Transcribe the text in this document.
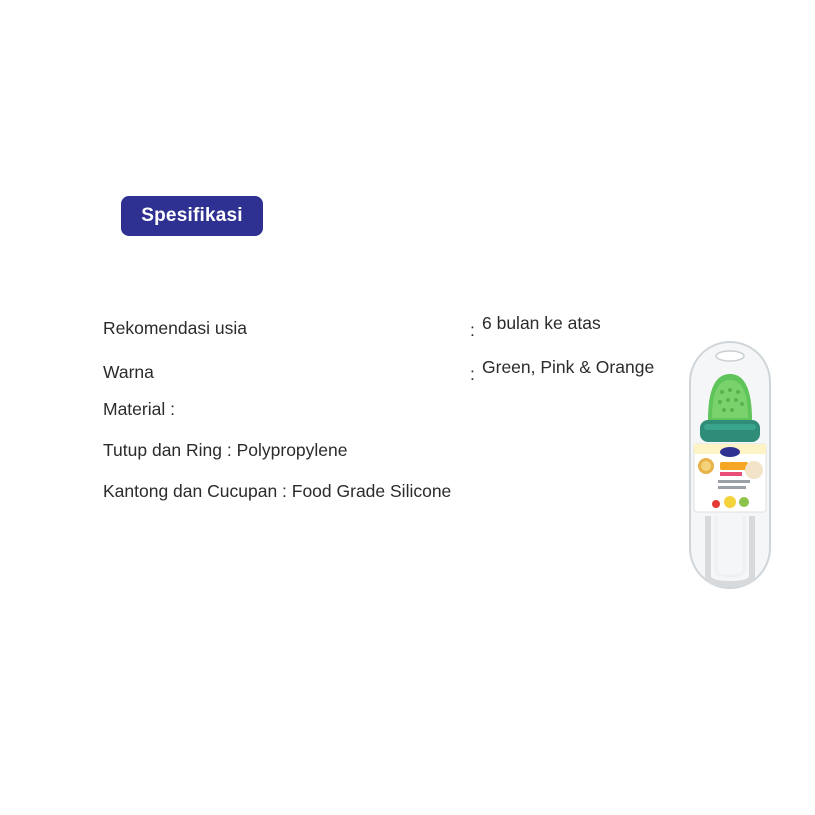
Spesifikasi
Rekomendasi usia	: 6 bulan ke atas
Warna	: Green, Pink & Orange
Material :
Tutup dan Ring : Polypropylene
Kantong dan Cucupan : Food Grade Silicone
